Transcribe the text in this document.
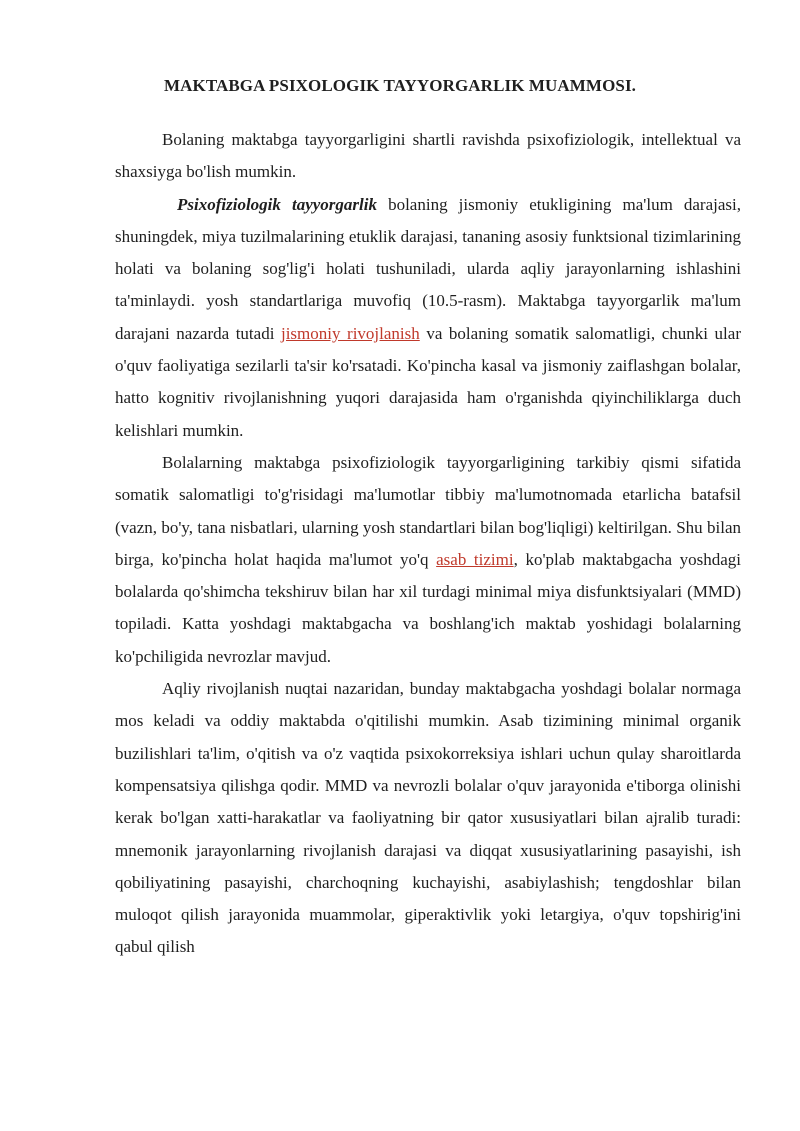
MAKTABGA PSIXOLOGIK TAYYORGARLIK MUAMMOSI.

Bolaning maktabga tayyorgarligini shartli ravishda psixofiziologik, intellektual va shaxsiyga bo'lish mumkin.

Psixofiziologik tayyorgarlik bolaning jismoniy etukligining ma'lum darajasi, shuningdek, miya tuzilmalarining etuklik darajasi, tananing asosiy funktsional tizimlarining holati va bolaning sog'lig'i holati tushuniladi, ularda aqliy jarayonlarning ishlashini ta'minlaydi. yosh standartlariga muvofiq (10.5-rasm). Maktabga tayyorgarlik ma'lum darajani nazarda tutadi jismoniy rivojlanish va bolaning somatik salomatligi, chunki ular o'quv faoliyatiga sezilarli ta'sir ko'rsatadi. Ko'pincha kasal va jismoniy zaiflashgan bolalar, hatto kognitiv rivojlanishning yuqori darajasida ham o'rganishda qiyinchiliklarga duch kelishlari mumkin.

Bolalarning maktabga psixofiziologik tayyorgarligining tarkibiy qismi sifatida somatik salomatligi to'g'risidagi ma'lumotlar tibbiy ma'lumotnomada etarlicha batafsil (vazn, bo'y, tana nisbatlari, ularning yosh standartlari bilan bog'liqligi) keltirilgan. Shu bilan birga, ko'pincha holat haqida ma'lumot yo'q asab tizimi, ko'plab maktabgacha yoshdagi bolalarda qo'shimcha tekshiruv bilan har xil turdagi minimal miya disfunktsiyalari (MMD) topiladi. Katta yoshdagi maktabgacha va boshlang'ich maktab yoshidagi bolalarning ko'pchiligida nevrozlar mavjud.

Aqliy rivojlanish nuqtai nazaridan, bunday maktabgacha yoshdagi bolalar normaga mos keladi va oddiy maktabda o'qitilishi mumkin. Asab tizimining minimal organik buzilishlari ta'lim, o'qitish va o'z vaqtida psixokorreksiya ishlari uchun qulay sharoitlarda kompensatsiya qilishga qodir. MMD va nevrozli bolalar o'quv jarayonida e'tiborga olinishi kerak bo'lgan xatti-harakatlar va faoliyatning bir qator xususiyatlari bilan ajralib turadi: mnemonik jarayonlarning rivojlanish darajasi va diqqat xususiyatlarining pasayishi, ish qobiliyatining pasayishi, charchoqning kuchayishi, asabiylashish; tengdoshlar bilan muloqot qilish jarayonida muammolar, giperaktivlik yoki letargiya, o'quv topshirig'ini qabul qilish
